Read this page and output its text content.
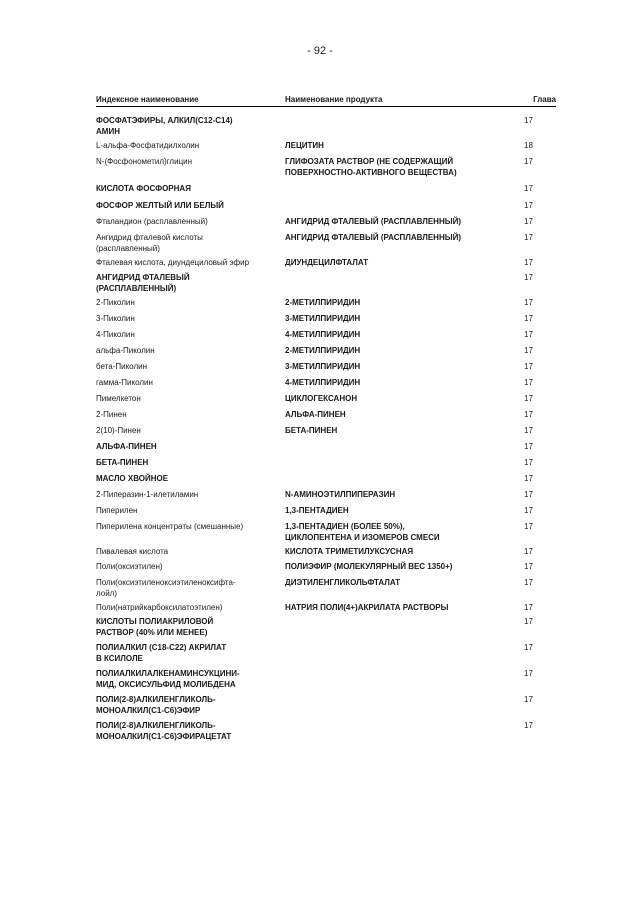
- 92 -
Индексное наименование	Наименование продукта	Глава
ФОСФАТЭФИРЫ, АЛКИЛ(С12-С14)
АМИН
17
L-альфа-Фосфатидилхолин	ЛЕЦИТИН	18
N-(Фосфонометил)глицин	ГЛИФОЗАТА РАСТВОР (НЕ СОДЕРЖАЩИЙ
ПОВЕРХНОСТНО-АКТИВНОГО ВЕЩЕСТВА)
17
КИСЛОТА ФОСФОРНАЯ	17
ФОСФОР ЖЕЛТЫЙ ИЛИ БЕЛЫЙ	17
Фталандион (расплавленный)	АНГИДРИД ФТАЛЕВЫЙ (РАСПЛАВЛЕННЫЙ)	17
Ангидрид фталевой кислоты
(расплавленный)
АНГИДРИД ФТАЛЕВЫЙ (РАСПЛАВЛЕННЫЙ)	17
Фталевая кислота, диундециловый эфир	ДИУНДЕЦИЛФТАЛАТ	17
АНГИДРИД ФТАЛЕВЫЙ
(РАСПЛАВЛЕННЫЙ)
17
2-Пиколин	2-МЕТИЛПИРИДИН	17
3-Пиколин	3-МЕТИЛПИРИДИН	17
4-Пиколин	4-МЕТИЛПИРИДИН	17
альфа-Пиколин	2-МЕТИЛПИРИДИН	17
бета-Пиколин	3-МЕТИЛПИРИДИН	17
гамма-Пиколин	4-МЕТИЛПИРИДИН	17
Пимелкетон	ЦИКЛОГЕКСАНОН	17
2-Пинен	АЛЬФА-ПИНЕН	17
2(10)-Пинен	БЕТА-ПИНЕН	17
АЛЬФА-ПИНЕН	17
БЕТА-ПИНЕН	17
МАСЛО ХВОЙНОЕ	17
2-Пиперазин-1-илетиламин	N-АМИНОЭТИЛПИПЕРАЗИН	17
Пиперилен	1,3-ПЕНТАДИЕН	17
Пиперилена концентраты (смешанные)	1,3-ПЕНТАДИЕН (БОЛЕЕ 50%),
ЦИКЛОПЕНТЕНА И ИЗОМЕРОВ СМЕСИ
17
Пивалевая кислота	КИСЛОТА ТРИМЕТИЛУКСУСНАЯ	17
Поли(оксиэтилен)	ПОЛИЭФИР (МОЛЕКУЛЯРНЫЙ ВЕС 1350+)	17
Поли(оксиэтиленоксиэтиленоксифта-
лойл)
ДИЭТИЛЕНГЛИКОЛЬФТАЛАТ	17
Поли(натрийкарбоксилатоэтилен)	НАТРИЯ ПОЛИ(4+)АКРИЛАТА РАСТВОРЫ	17
КИСЛОТЫ ПОЛИАКРИЛОВОЙ
РАСТВОР (40% ИЛИ МЕНЕЕ)
17
ПОЛИАЛКИЛ (С18-С22) АКРИЛАТ
В КСИЛОЛЕ
17
ПОЛИАЛКИЛАЛКЕНАМИНСУКЦИНИ-
МИД, ОКСИСУЛЬФИД МОЛИБДЕНА
17
ПОЛИ(2-8)АЛКИЛЕНГЛИКОЛЬ-
МОНОАЛКИЛ(С1-С6)ЭФИР
17
ПОЛИ(2-8)АЛКИЛЕНГЛИКОЛЬ-
МОНОАЛКИЛ(С1-С6)ЭФИРАЦЕТАТ
17
